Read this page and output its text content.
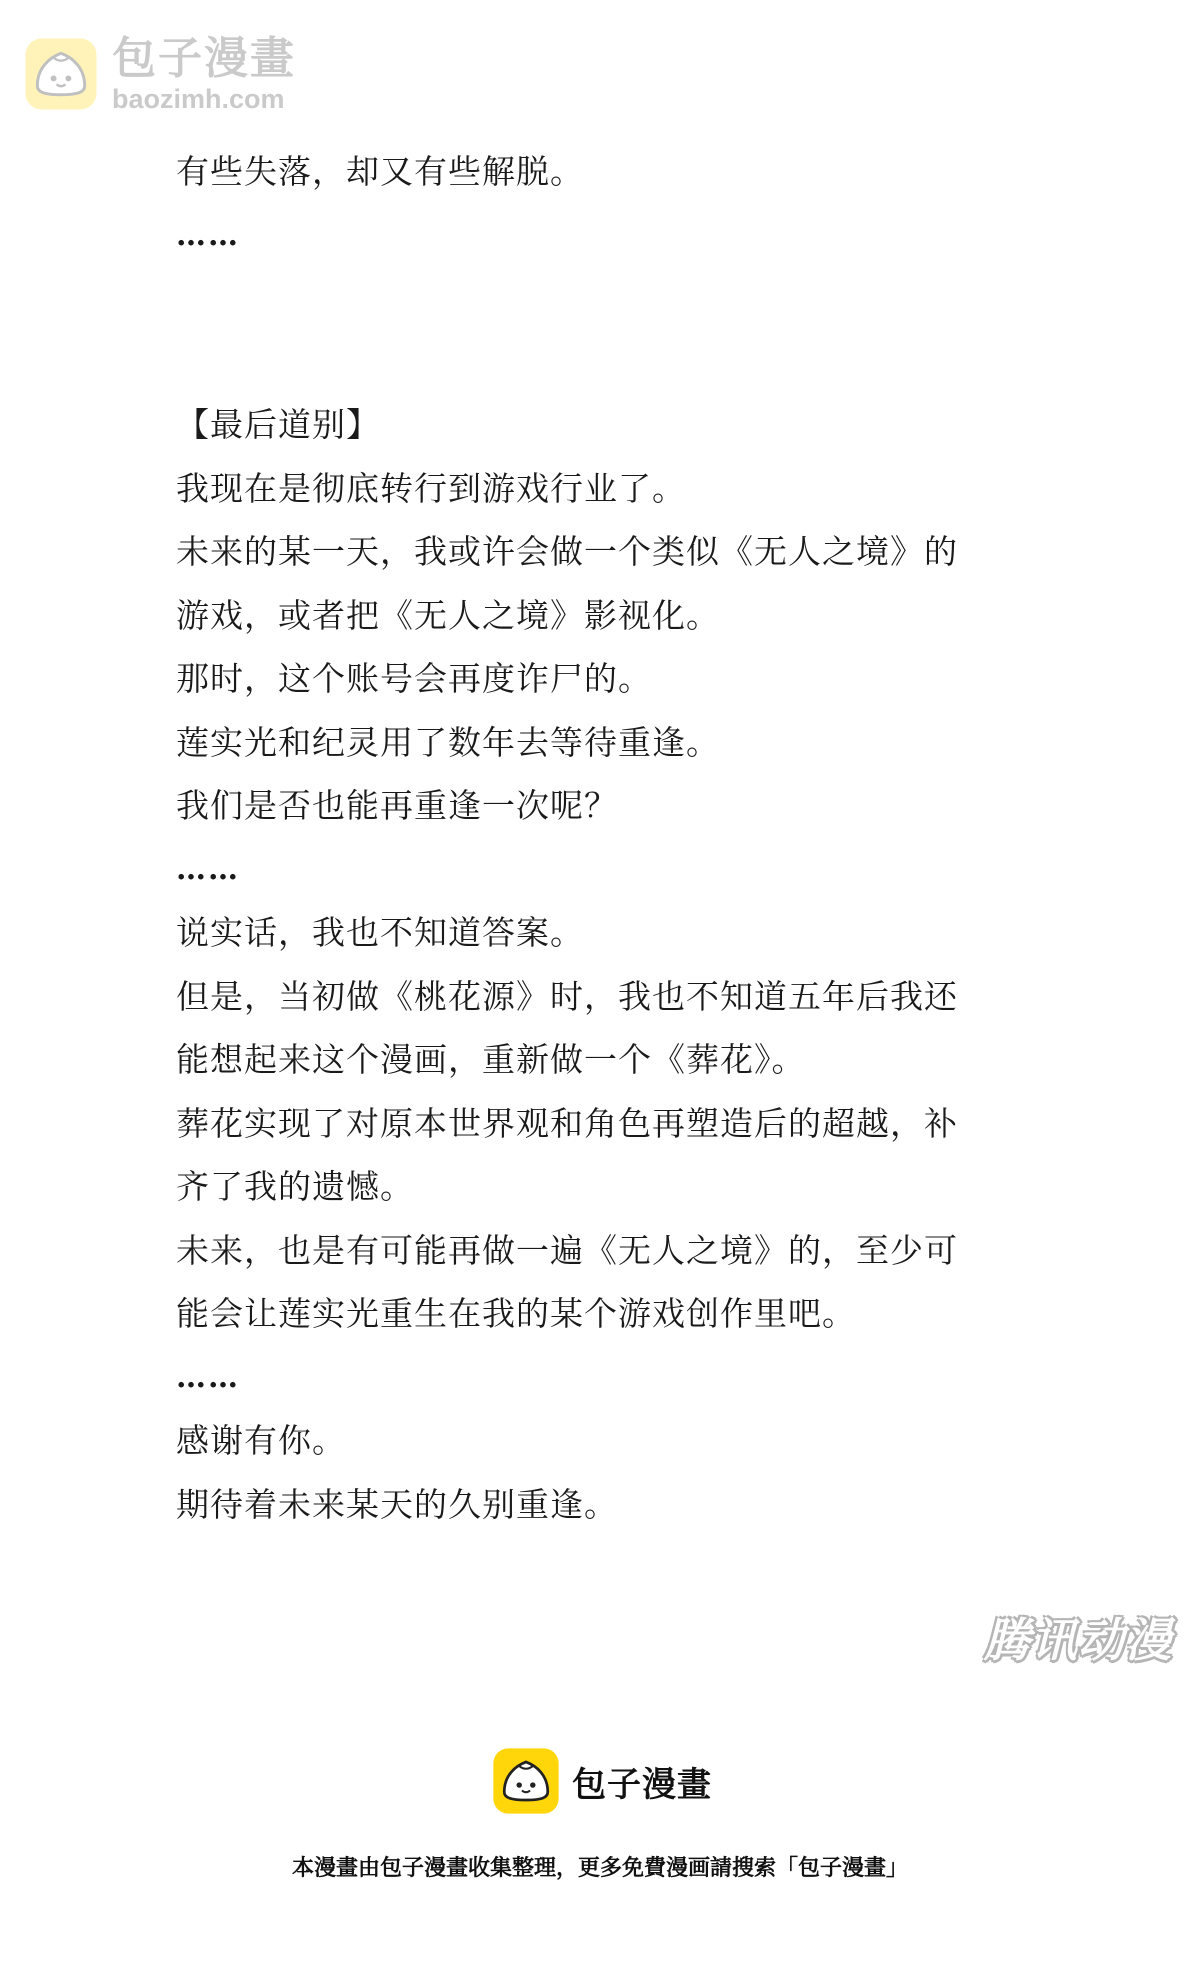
包子漫畫
baozimh.com
有些失落，却又有些解脱。
……
【最后道别】
我现在是彻底转行到游戏行业了。
未来的某一天，我或许会做一个类似《无人之境》的
游戏，或者把《无人之境》影视化。
那时，这个账号会再度诈尸的。
莲实光和纪灵用了数年去等待重逢。
我们是否也能再重逢一次呢？
……
说实话，我也不知道答案。
但是，当初做《桃花源》时，我也不知道五年后我还
能想起来这个漫画，重新做一个《葬花》。
葬花实现了对原本世界观和角色再塑造后的超越，补
齐了我的遗憾。
未来，也是有可能再做一遍《无人之境》的，至少可
能会让莲实光重生在我的某个游戏创作里吧。
……
感谢有你。
期待着未来某天的久别重逢。
腾讯动漫
包子漫畫
本漫畫由包子漫畫收集整理，更多免費漫画請搜索「包子漫畫」
